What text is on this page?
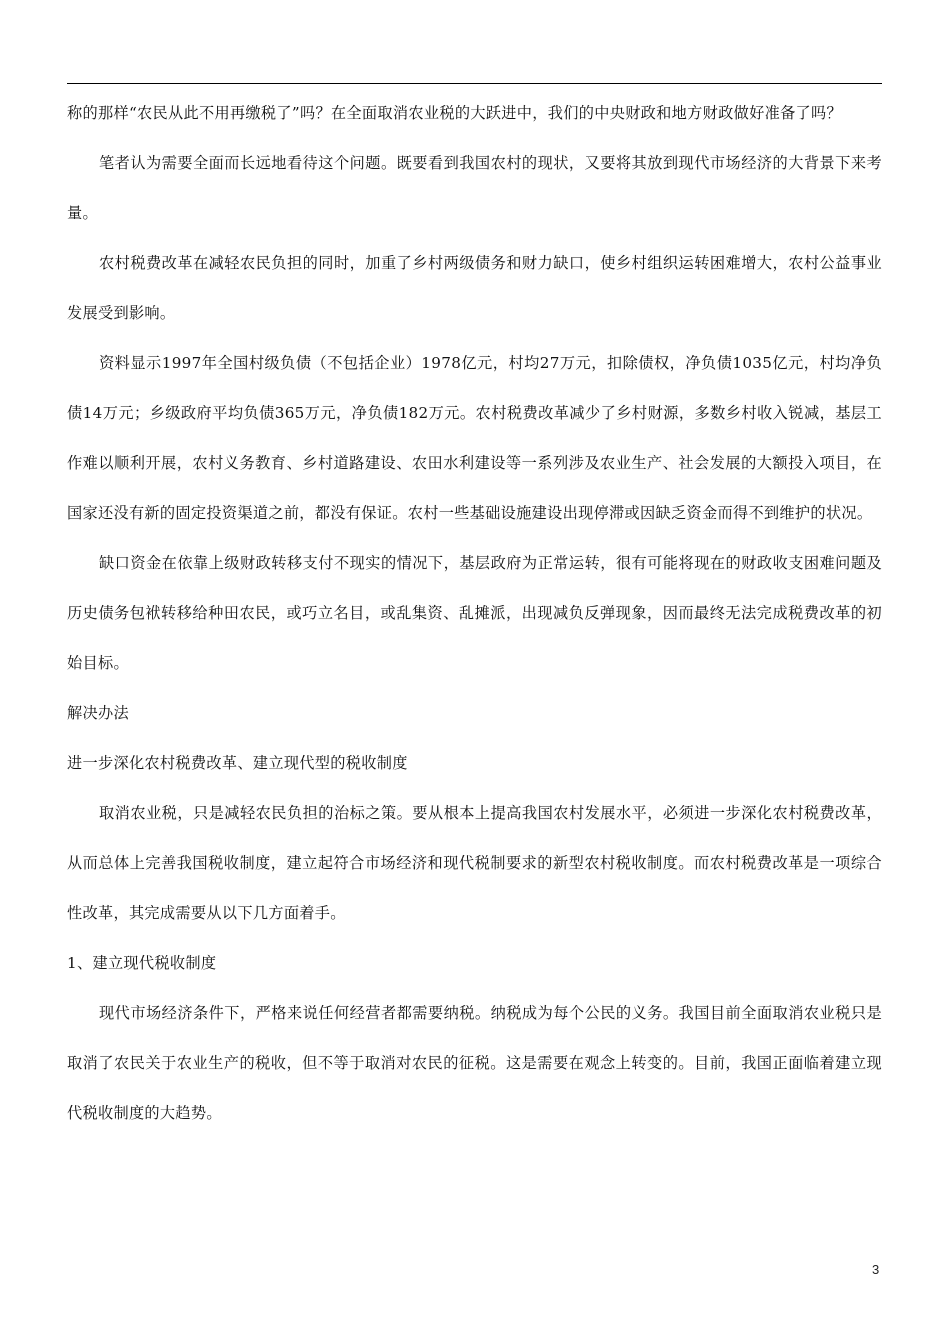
称的那样“农民从此不用再缴税了”吗？在全面取消农业税的大跃进中，我们的中央财政和地方财政做好准备了吗？

笔者认为需要全面而长远地看待这个问题。既要看到我国农村的现状，又要将其放到现代市场经济的大背景下来考量。

农村税费改革在减轻农民负担的同时，加重了乡村两级债务和财力缺口，使乡村组织运转困难增大，农村公益事业发展受到影响。

资料显示1997年全国村级负债（不包括企业）1978亿元，村均27万元，扣除债权，净负债1035亿元，村均净负债14万元；乡级政府平均负债365万元，净负债182万元。农村税费改革减少了乡村财源，多数乡村收入锐减，基层工作难以顺利开展，农村义务教育、乡村道路建设、农田水利建设等一系列涉及农业生产、社会发展的大额投入项目，在国家还没有新的固定投资渠道之前，都没有保证。农村一些基础设施建设出现停滞或因缺乏资金而得不到维护的状况。

缺口资金在依靠上级财政转移支付不现实的情况下，基层政府为正常运转，很有可能将现在的财政收支困难问题及历史债务包袱转移给种田农民，或巧立名目，或乱集资、乱摊派，出现减负反弹现象，因而最终无法完成税费改革的初始目标。

解决办法

进一步深化农村税费改革、建立现代型的税收制度

取消农业税，只是减轻农民负担的治标之策。要从根本上提高我国农村发展水平，必须进一步深化农村税费改革，从而总体上完善我国税收制度，建立起符合市场经济和现代税制要求的新型农村税收制度。而农村税费改革是一项综合性改革，其完成需要从以下几方面着手。

1、建立现代税收制度

现代市场经济条件下，严格来说任何经营者都需要纳税。纳税成为每个公民的义务。我国目前全面取消农业税只是取消了农民关于农业生产的税收，但不等于取消对农民的征税。这是需要在观念上转变的。目前，我国正面临着建立现代税收制度的大趋势。

3
